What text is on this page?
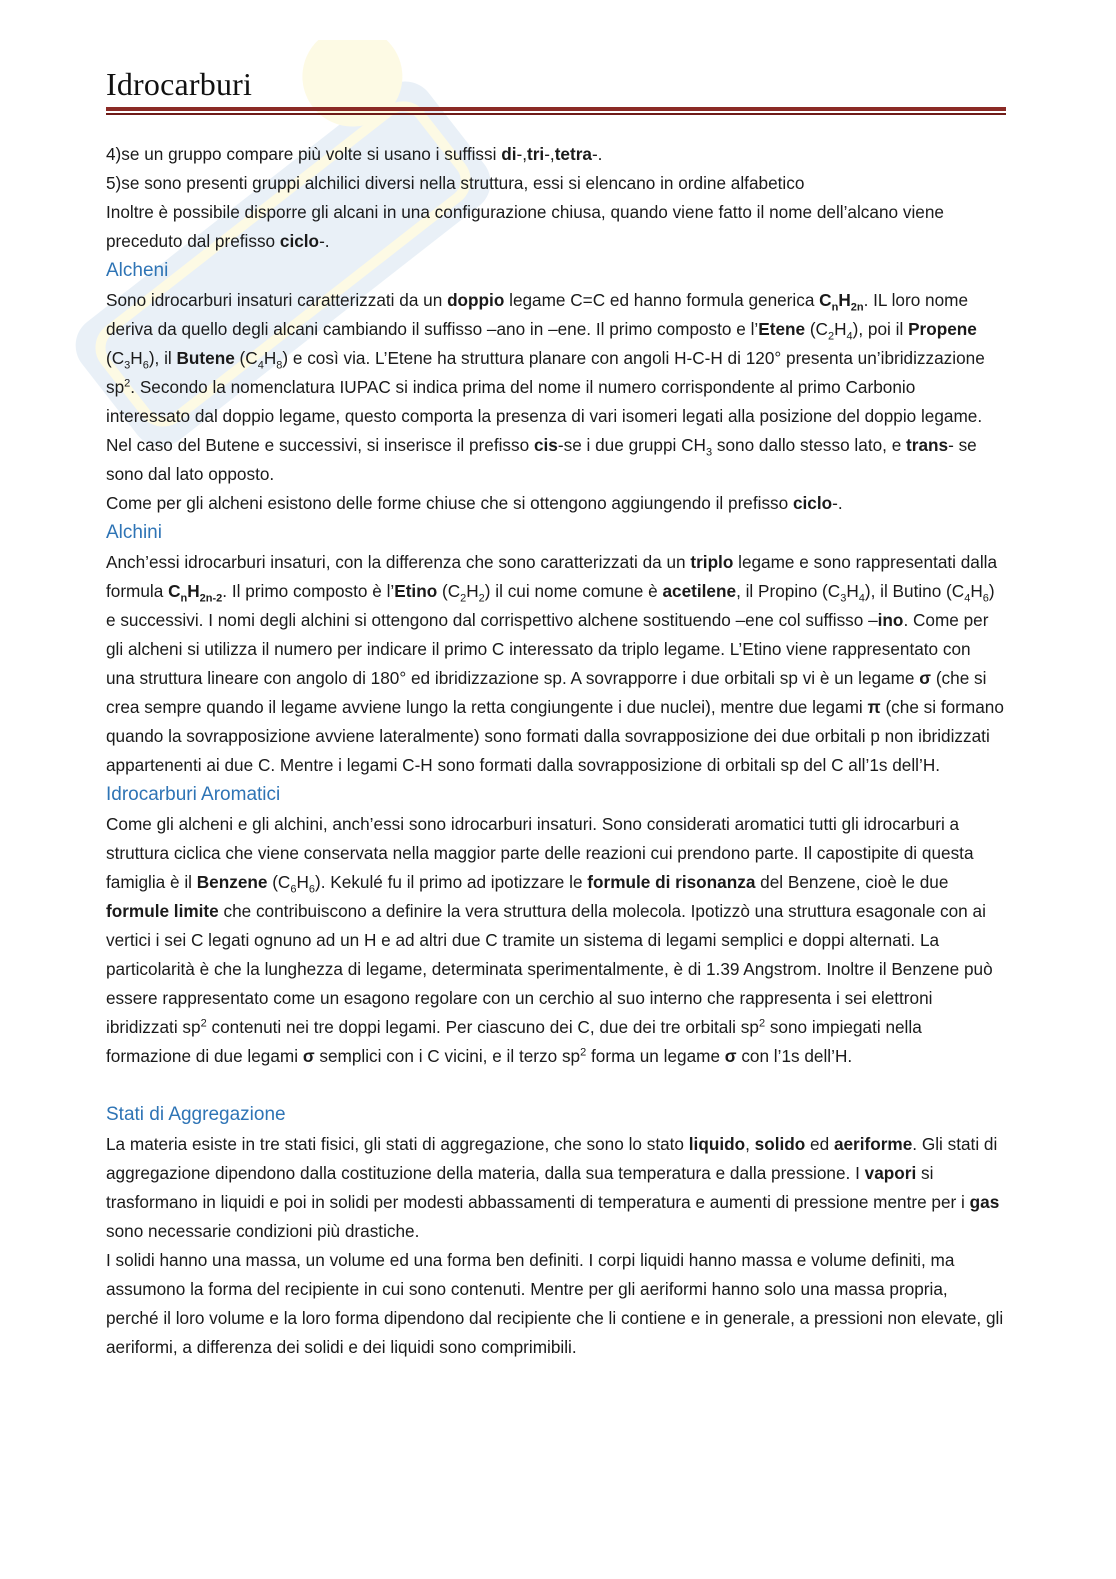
Idrocarburi

4)se un gruppo compare più volte si usano i suffissi di-,tri-,tetra-.

5)se sono presenti gruppi alchilici diversi nella struttura, essi si elencano in ordine alfabetico

Inoltre è possibile disporre gli alcani in una configurazione chiusa, quando viene fatto il nome dell’alcano viene preceduto dal prefisso ciclo-.

Alcheni

Sono idrocarburi insaturi caratterizzati da un doppio legame C=C ed hanno formula generica $C_nH_{2n}$. IL loro nome deriva da quello degli alcani cambiando il suffisso –ano in –ene. Il primo composto e l’Etene $(C_2H_4)$, poi il Propene $(C_3H_6)$, il Butene $(C_4H_8)$ e così via. L’Etene ha struttura planare con angoli H-C-H di 120° presenta un’ibridizzazione $sp^2$. Secondo la nomenclatura IUPAC si indica prima del nome il numero corrispondente al primo Carbonio interessato dal doppio legame, questo comporta la presenza di vari isomeri legati alla posizione del doppio legame. Nel caso del Butene e successivi, si inserisce il prefisso cis-se i due gruppi $CH_3$ sono dallo stesso lato, e trans- se sono dal lato opposto.

Come per gli alcheni esistono delle forme chiuse che si ottengono aggiungendo il prefisso ciclo-.

Alchini

Anch’essi idrocarburi insaturi, con la differenza che sono caratterizzati da un triplo legame e sono rappresentati dalla formula $C_nH_{2n-2}$. Il primo composto è l’Etino $(C_2H_2)$ il cui nome comune è acetilene, il Propino $(C_3H_4)$, il Butino $(C_4H_6)$ e successivi. I nomi degli alchini si ottengono dal corrispettivo alchene sostituendo –ene col suffisso –ino. Come per gli alcheni si utilizza il numero per indicare il primo C interessato da triplo legame. L’Etino viene rappresentato con una struttura lineare con angolo di 180° ed ibridizzazione sp. A sovrapporre i due orbitali sp vi è un legame σ (che si crea sempre quando il legame avviene lungo la retta congiungente i due nuclei), mentre due legami π (che si formano quando la sovrapposizione avviene lateralmente) sono formati dalla sovrapposizione dei due orbitali p non ibridizzati appartenenti ai due C. Mentre i legami C-H sono formati dalla sovrapposizione di orbitali sp del C all’1s dell’H.

Idrocarburi Aromatici

Come gli alcheni e gli alchini, anch’essi sono idrocarburi insaturi. Sono considerati aromatici tutti gli idrocarburi a struttura ciclica che viene conservata nella maggior parte delle reazioni cui prendono parte. Il capostipite di questa famiglia è il Benzene $(C_6H_6)$. Kekulé fu il primo ad ipotizzare le formule di risonanza del Benzene, cioè le due formule limite che contribuiscono a definire la vera struttura della molecola. Ipotizzò una struttura esagonale con ai vertici i sei C legati ognuno ad un H e ad altri due C tramite un sistema di legami semplici e doppi alternati. La particolarità è che la lunghezza di legame, determinata sperimentalmente, è di 1.39 Angstrom. Inoltre il Benzene può essere rappresentato come un esagono regolare con un cerchio al suo interno che rappresenta i sei elettroni ibridizzati $sp^2$ contenuti nei tre doppi legami. Per ciascuno dei C, due dei tre orbitali $sp^2$ sono impiegati nella formazione di due legami σ semplici con i C vicini, e il terzo $sp^2$ forma un legame σ con l’1s dell’H.

Stati di Aggregazione

La materia esiste in tre stati fisici, gli stati di aggregazione, che sono lo stato liquido, solido ed aeriforme. Gli stati di aggregazione dipendono dalla costituzione della materia, dalla sua temperatura e dalla pressione. I vapori si trasformano in liquidi e poi in solidi per modesti abbassamenti di temperatura e aumenti di pressione mentre per i gas sono necessarie condizioni più drastiche.

I solidi hanno una massa, un volume ed una forma ben definiti. I corpi liquidi hanno massa e volume definiti, ma assumono la forma del recipiente in cui sono contenuti. Mentre per gli aeriformi hanno solo una massa propria, perché il loro volume e la loro forma dipendono dal recipiente che li contiene e in generale, a pressioni non elevate, gli aeriformi, a differenza dei solidi e dei liquidi sono comprimibili.
